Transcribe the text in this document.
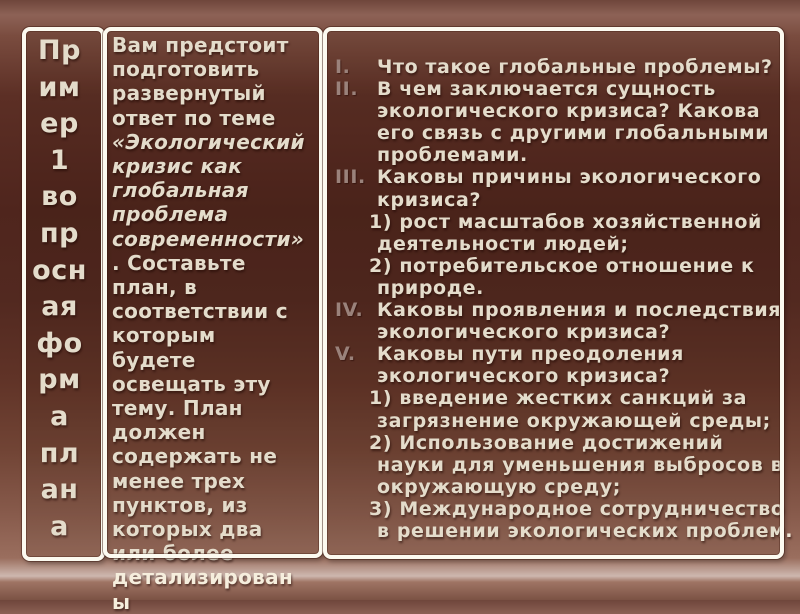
Пр
им
ер
1
во
пр
осн
ая
фо
рм
а
пл
ан
а
Вам предстоит
подготовить
развернутый
ответ по теме
«Экологический
кризис как
глобальная
проблема
современности»
. Составьте
план, в
соответствии с
которым
будете
освещать эту
тему. План
должен
содержать не
менее трех
пунктов, из
которых два
или более
детализирован
ы
I. Что такое глобальные проблемы?
II. В чем заключается сущность
экологического кризиса? Какова
его связь с другими глобальными
проблемами.
III. Каковы причины экологического
кризиса?
1) рост масштабов хозяйственной
деятельности людей;
2) потребительское отношение к
природе.
IV. Каковы проявления и последствия
экологического кризиса?
V. Каковы пути преодоления
экологического кризиса?
1) введение жестких санкций за
загрязнение окружающей среды;
2) Использование достижений
науки для уменьшения выбросов в
окружающую среду;
3) Международное сотрудничество
в решении экологических проблем.
